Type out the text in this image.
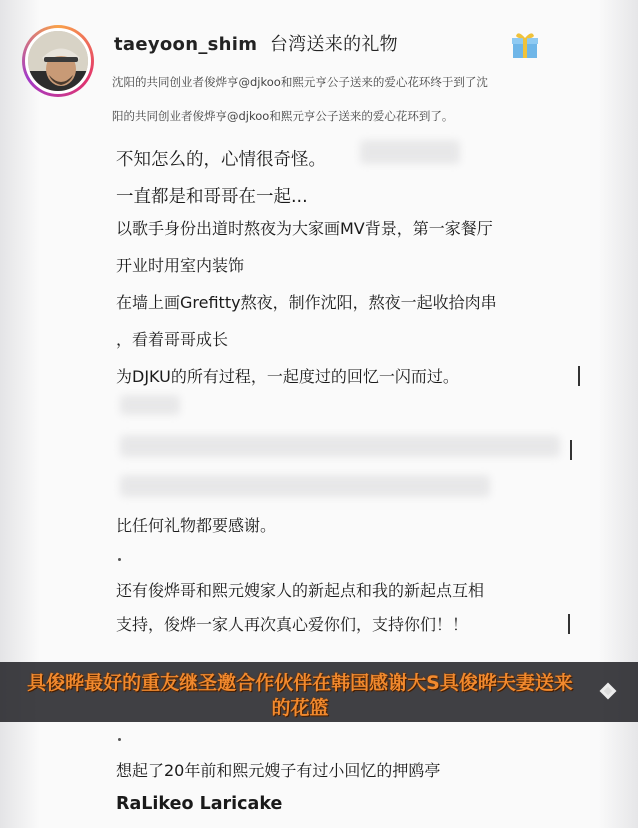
taeyoon_shim 台湾送来的礼物
沈阳的共同创业者俊烨亨@djkoo和熙元亨公子送来的爱心花环终于到了沈
阳的共同创业者俊烨亨@djkoo和熙元亨公子送来的爱心花环到了。
不知怎么的，心情很奇怪。
一直都是和哥哥在一起...
以歌手身份出道时熬夜为大家画MV背景，第一家餐厅
开业时用室内装饰
在墙上画Grefitty熬夜，制作沈阳，熬夜一起收拾肉串
，看着哥哥成长
为DJKU的所有过程，一起度过的回忆一闪而过。
比任何礼物都要感谢。
还有俊烨哥和熙元嫂家人的新起点和我的新起点互相
支持，俊烨一家人再次真心爱你们，支持你们！！
具俊晔最好的重友继圣邀合作伙伴在韩国感谢大S具俊晔夫妻送来
的花篮
想起了20年前和熙元嫂子有过小回忆的押鸥亭
RaLikeo Laricake
